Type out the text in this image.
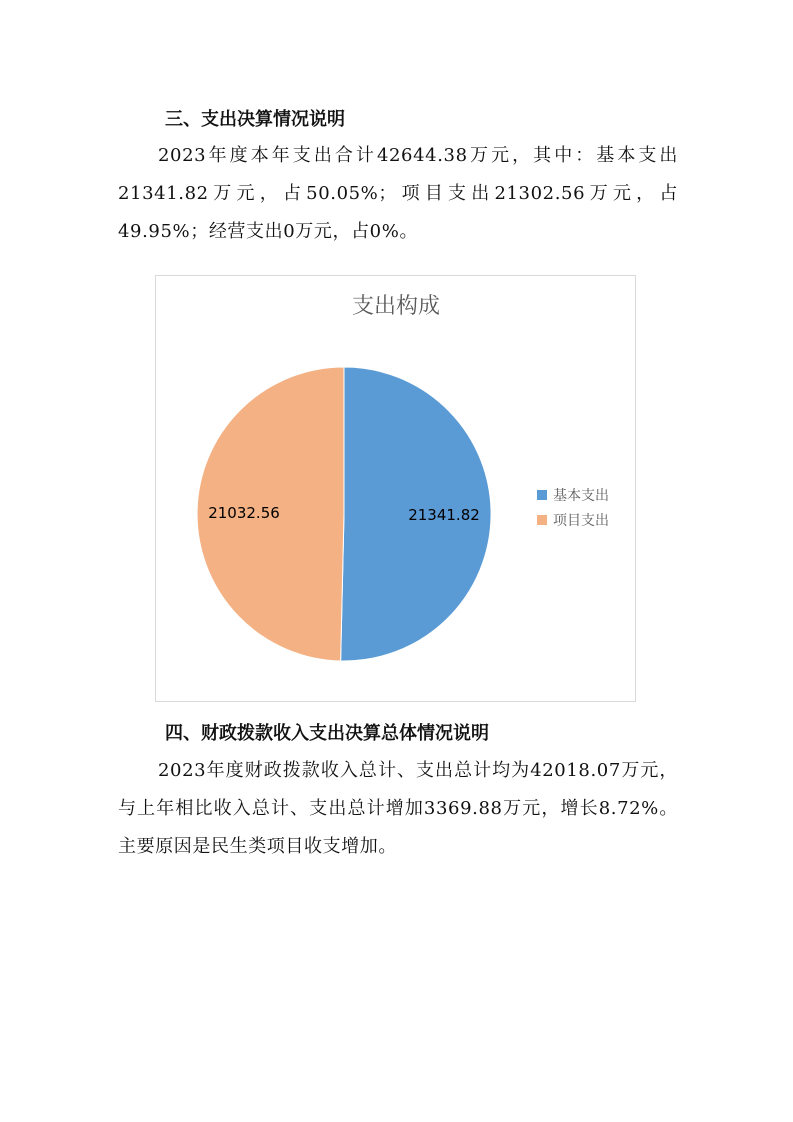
三、支出决算情况说明
2023年度本年支出合计42644.38万元，其中：基本支出21341.82万元，占50.05%；项目支出21302.56万元，占49.95%；经营支出0万元，占0%。
支出构成
21341.82
21032.56
基本支出
项目支出
四、财政拨款收入支出决算总体情况说明
2023年度财政拨款收入总计、支出总计均为42018.07万元，与上年相比收入总计、支出总计增加3369.88万元，增长8.72%。主要原因是民生类项目收支增加。
